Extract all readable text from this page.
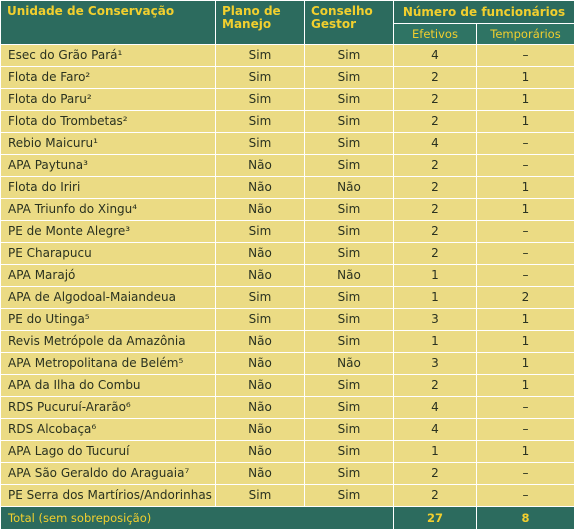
Unidade de Conservação	Plano de Manejo	Conselho Gestor	Número de funcionários	
			Efetivos	Temporários
Esec do Grão Pará¹	Sim	Sim	4	–
Flota de Faro²	Sim	Sim	2	1
Flota do Paru²	Sim	Sim	2	1
Flota do Trombetas²	Sim	Sim	2	1
Rebio Maicuru¹	Sim	Sim	4	–
APA Paytuna³	Não	Sim	2	–
Flota do Iriri	Não	Não	2	1
APA Triunfo do Xingu⁴	Não	Sim	2	1
PE de Monte Alegre³	Sim	Sim	2	–
PE Charapucu	Não	Sim	2	–
APA Marajó	Não	Não	1	–
APA de Algodoal-Maiandeua	Sim	Sim	1	2
PE do Utinga⁵	Sim	Sim	3	1
Revis Metrópole da Amazônia	Não	Sim	1	1
APA Metropolitana de Belém⁵	Não	Não	3	1
APA da Ilha do Combu	Não	Sim	2	1
RDS Pucuruí-Ararão⁶	Não	Sim	4	–
RDS Alcobaça⁶	Não	Sim	4	–
APA Lago do Tucuruí	Não	Sim	1	1
APA São Geraldo do Araguaia⁷	Não	Sim	2	–
PE Serra dos Martírios/Andorinhas	Sim	Sim	2	–
Total (sem sobreposição)			27	8
